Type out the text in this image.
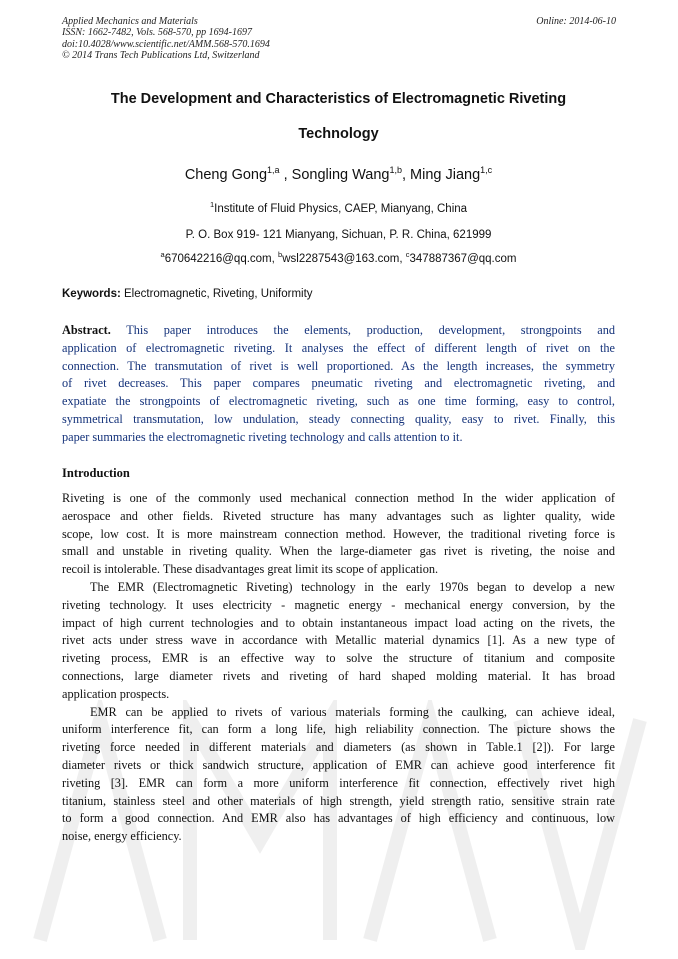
Applied Mechanics and Materials
ISSN: 1662-7482, Vols. 568-570, pp 1694-1697
doi:10.4028/www.scientific.net/AMM.568-570.1694
© 2014 Trans Tech Publications Ltd, Switzerland
Online: 2014-06-10
The Development and Characteristics of Electromagnetic Riveting
Technology
Cheng Gong$^{1,a}$ , Songling Wang$^{1,b}$, Ming Jiang$^{1,c}$
$^1$Institute of Fluid Physics, CAEP, Mianyang, China
P. O. Box 919- 121 Mianyang, Sichuan, P. R. China, 621999
$^a$670642216@qq.com, $^b$wsl2287543@163.com, $^c$347887367@qq.com
Keywords: Electromagnetic, Riveting, Uniformity
Abstract. This paper introduces the elements, production, development, strongpoints and
application of electromagnetic riveting. It analyses the effect of different length of rivet on the
connection. The transmutation of rivet is well proportioned. As the length increases, the symmetry
of rivet decreases. This paper compares pneumatic riveting and electromagnetic riveting, and
expatiate the strongpoints of electromagnetic riveting, such as one time forming, easy to control,
symmetrical transmutation, low undulation, steady connecting quality, easy to rivet. Finally, this
paper summaries the electromagnetic riveting technology and calls attention to it.
Introduction
Riveting is one of the commonly used mechanical connection method In the wider application of
aerospace and other fields. Riveted structure has many advantages such as lighter quality, wide
scope, low cost. It is more mainstream connection method. However, the traditional riveting force is
small and unstable in riveting quality. When the large-diameter gas rivet is riveting, the noise and
recoil is intolerable. These disadvantages great limit its scope of application.
The EMR (Electromagnetic Riveting) technology in the early 1970s began to develop a new
riveting technology. It uses electricity - magnetic energy - mechanical energy conversion, by the
impact of high current technologies and to obtain instantaneous impact load acting on the rivets, the
rivet acts under stress wave in accordance with Metallic material dynamics [1]. As a new type of
riveting process, EMR is an effective way to solve the structure of titanium and composite
connections, large diameter rivets and riveting of hard shaped molding material. It has broad
application prospects.
EMR can be applied to rivets of various materials forming the caulking, can achieve ideal,
uniform interference fit, can form a long life, high reliability connection. The picture shows the
riveting force needed in different materials and diameters (as shown in Table.1 [2]). For large
diameter rivets or thick sandwich structure, application of EMR can achieve good interference fit
riveting [3]. EMR can form a more uniform interference fit connection, effectively rivet high
titanium, stainless steel and other materials of high strength, yield strength ratio, sensitive strain rate
to form a good connection. And EMR also has advantages of high efficiency and continuous, low
noise, energy efficiency.
